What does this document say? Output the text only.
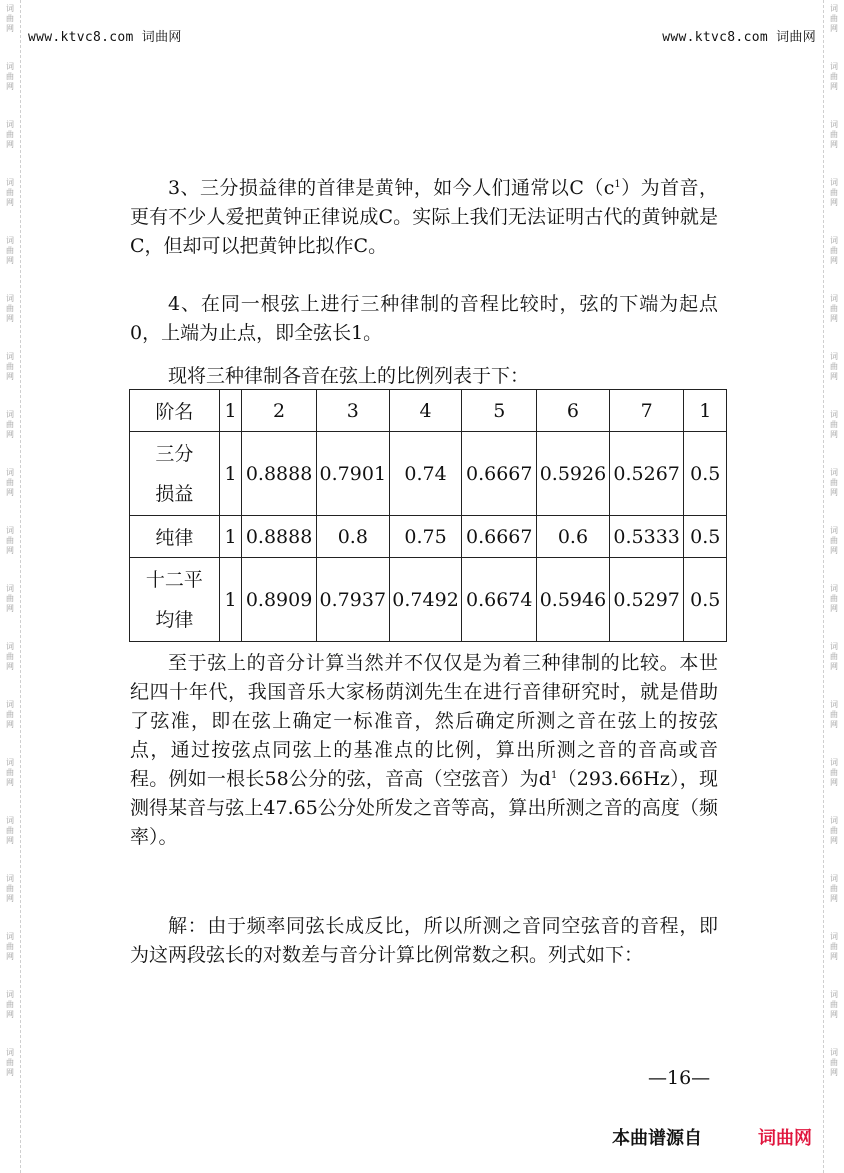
词
曲
网
词
曲
网
词
曲
网
词
曲
网
词
曲
网
词
曲
网
词
曲
网
词
曲
网
词
曲
网
词
曲
网
词
曲
网
词
曲
网
词
曲
网
词
曲
网
词
曲
网
词
曲
网
词
曲
网
词
曲
网
词
曲
网
词
曲
网
词
曲
网
词
曲
网
词
曲
网
词
曲
网
词
曲
网
词
曲
网
词
曲
网
词
曲
网
词
曲
网
词
曲
网
词
曲
网
词
曲
网
词
曲
网
词
曲
网
词
曲
网
词
曲
网
词
曲
网
词
曲
网
www.ktvc8.com 词曲网	www.ktvc8.com 词曲网

3、三分损益律的首律是黄钟，如今人们通常以$C(c^1)$为首音，更有不少人爱把黄钟正律说成C。实际上我们无法证明古代的黄钟就是C，但却可以把黄钟比拟作C。

4、在同一根弦上进行三种律制的音程比较时，弦的下端为起点0，上端为止点，即全弦长1。

现将三种律制各音在弦上的比例列表于下：

阶名	1	2	3	4	5	6	7	1
三分
损益	1	0.8888	0.7901	0.74	0.6667	0.5926	0.5267	0.5
纯律	1	0.8888	0.8	0.75	0.6667	0.6	0.5333	0.5
十二平
均律	1	0.8909	0.7937	0.7492	0.6674	0.5946	0.5297	0.5

至于弦上的音分计算当然并不仅仅是为着三种律制的比较。本世纪四十年代，我国音乐大家杨荫浏先生在进行音律研究时，就是借助了弦准，即在弦上确定一标准音，然后确定所测之音在弦上的按弦点，通过按弦点同弦上的基准点的比例，算出所测之音的音高或音程。例如一根长58公分的弦，音高（空弦音）为$d^1(293.66Hz)$，现测得某音与弦上47.65公分处所发之音等高，算出所测之音的高度（频率）。

解：由于频率同弦长成反比，所以所测之音同空弦音的音程，即为这两段弦长的对数差与音分计算比例常数之积。列式如下：

—16—
本曲谱源自	词曲网
